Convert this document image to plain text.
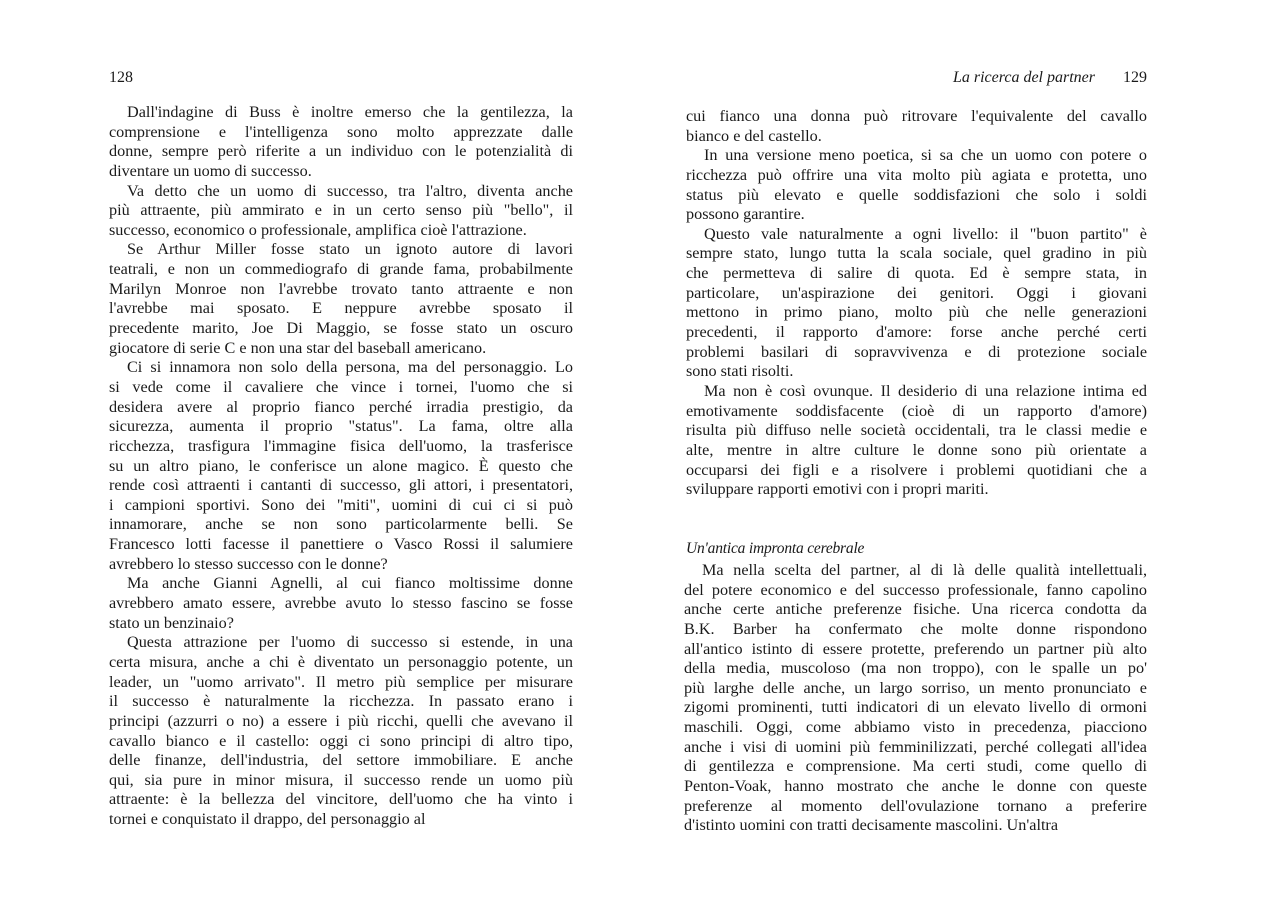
128
Dall'indagine di Buss è inoltre emerso che la gentilezza, la
comprensione e l'intelligenza sono molto apprezzate dalle
donne, sempre però riferite a un individuo con le potenzialità di
diventare un uomo di successo.
Va detto che un uomo di successo, tra l'altro, diventa anche
più attraente, più ammirato e in un certo senso più "bello", il
successo, economico o professionale, amplifica cioè l'attrazione.
Se Arthur Miller fosse stato un ignoto autore di lavori
teatrali, e non un commediografo di grande fama, probabilmente
Marilyn Monroe non l'avrebbe trovato tanto attraente e non
l'avrebbe mai sposato. E neppure avrebbe sposato il
precedente marito, Joe Di Maggio, se fosse stato un oscuro
giocatore di serie C e non una star del baseball americano.
Ci si innamora non solo della persona, ma del personaggio. Lo
si vede come il cavaliere che vince i tornei, l'uomo che si
desidera avere al proprio fianco perché irradia prestigio, da
sicurezza, aumenta il proprio "status". La fama, oltre alla
ricchezza, trasfigura l'immagine fisica dell'uomo, la trasferisce
su un altro piano, le conferisce un alone magico. È questo che
rende così attraenti i cantanti di successo, gli attori, i presentatori,
i campioni sportivi. Sono dei "miti", uomini di cui ci si può
innamorare, anche se non sono particolarmente belli. Se
Francesco lotti facesse il panettiere o Vasco Rossi il salumiere
avrebbero lo stesso successo con le donne?
Ma anche Gianni Agnelli, al cui fianco moltissime donne
avrebbero amato essere, avrebbe avuto lo stesso fascino se fosse
stato un benzinaio?
Questa attrazione per l'uomo di successo si estende, in una
certa misura, anche a chi è diventato un personaggio potente, un
leader, un "uomo arrivato". Il metro più semplice per misurare
il successo è naturalmente la ricchezza. In passato erano i
principi (azzurri o no) a essere i più ricchi, quelli che avevano il
cavallo bianco e il castello: oggi ci sono principi di altro tipo,
delle finanze, dell'industria, del settore immobiliare. E anche
qui, sia pure in minor misura, il successo rende un uomo più
attraente: è la bellezza del vincitore, dell'uomo che ha vinto i
tornei e conquistato il drappo, del personaggio al
La ricerca del partner 129
cui fianco una donna può ritrovare l'equivalente del cavallo
bianco e del castello.
In una versione meno poetica, si sa che un uomo con potere o
ricchezza può offrire una vita molto più agiata e protetta, uno
status più elevato e quelle soddisfazioni che solo i soldi
possono garantire.
Questo vale naturalmente a ogni livello: il "buon partito" è
sempre stato, lungo tutta la scala sociale, quel gradino in più
che permetteva di salire di quota. Ed è sempre stata, in
particolare, un'aspirazione dei genitori. Oggi i giovani
mettono in primo piano, molto più che nelle generazioni
precedenti, il rapporto d'amore: forse anche perché certi
problemi basilari di sopravvivenza e di protezione sociale
sono stati risolti.
Ma non è così ovunque. Il desiderio di una relazione intima ed
emotivamente soddisfacente (cioè di un rapporto d'amore)
risulta più diffuso nelle società occidentali, tra le classi medie e
alte, mentre in altre culture le donne sono più orientate a
occuparsi dei figli e a risolvere i problemi quotidiani che a
sviluppare rapporti emotivi con i propri mariti.
Un'antica impronta cerebrale
Ma nella scelta del partner, al di là delle qualità intellettuali,
del potere economico e del successo professionale, fanno capolino
anche certe antiche preferenze fisiche. Una ricerca condotta da
B.K. Barber ha confermato che molte donne rispondono
all'antico istinto di essere protette, preferendo un partner più alto
della media, muscoloso (ma non troppo), con le spalle un po'
più larghe delle anche, un largo sorriso, un mento pronunciato e
zigomi prominenti, tutti indicatori di un elevato livello di ormoni
maschili. Oggi, come abbiamo visto in precedenza, piacciono
anche i visi di uomini più femminilizzati, perché collegati all'idea
di gentilezza e comprensione. Ma certi studi, come quello di
Penton-Voak, hanno mostrato che anche le donne con queste
preferenze al momento dell'ovulazione tornano a preferire
d'istinto uomini con tratti decisamente mascolini. Un'altra
